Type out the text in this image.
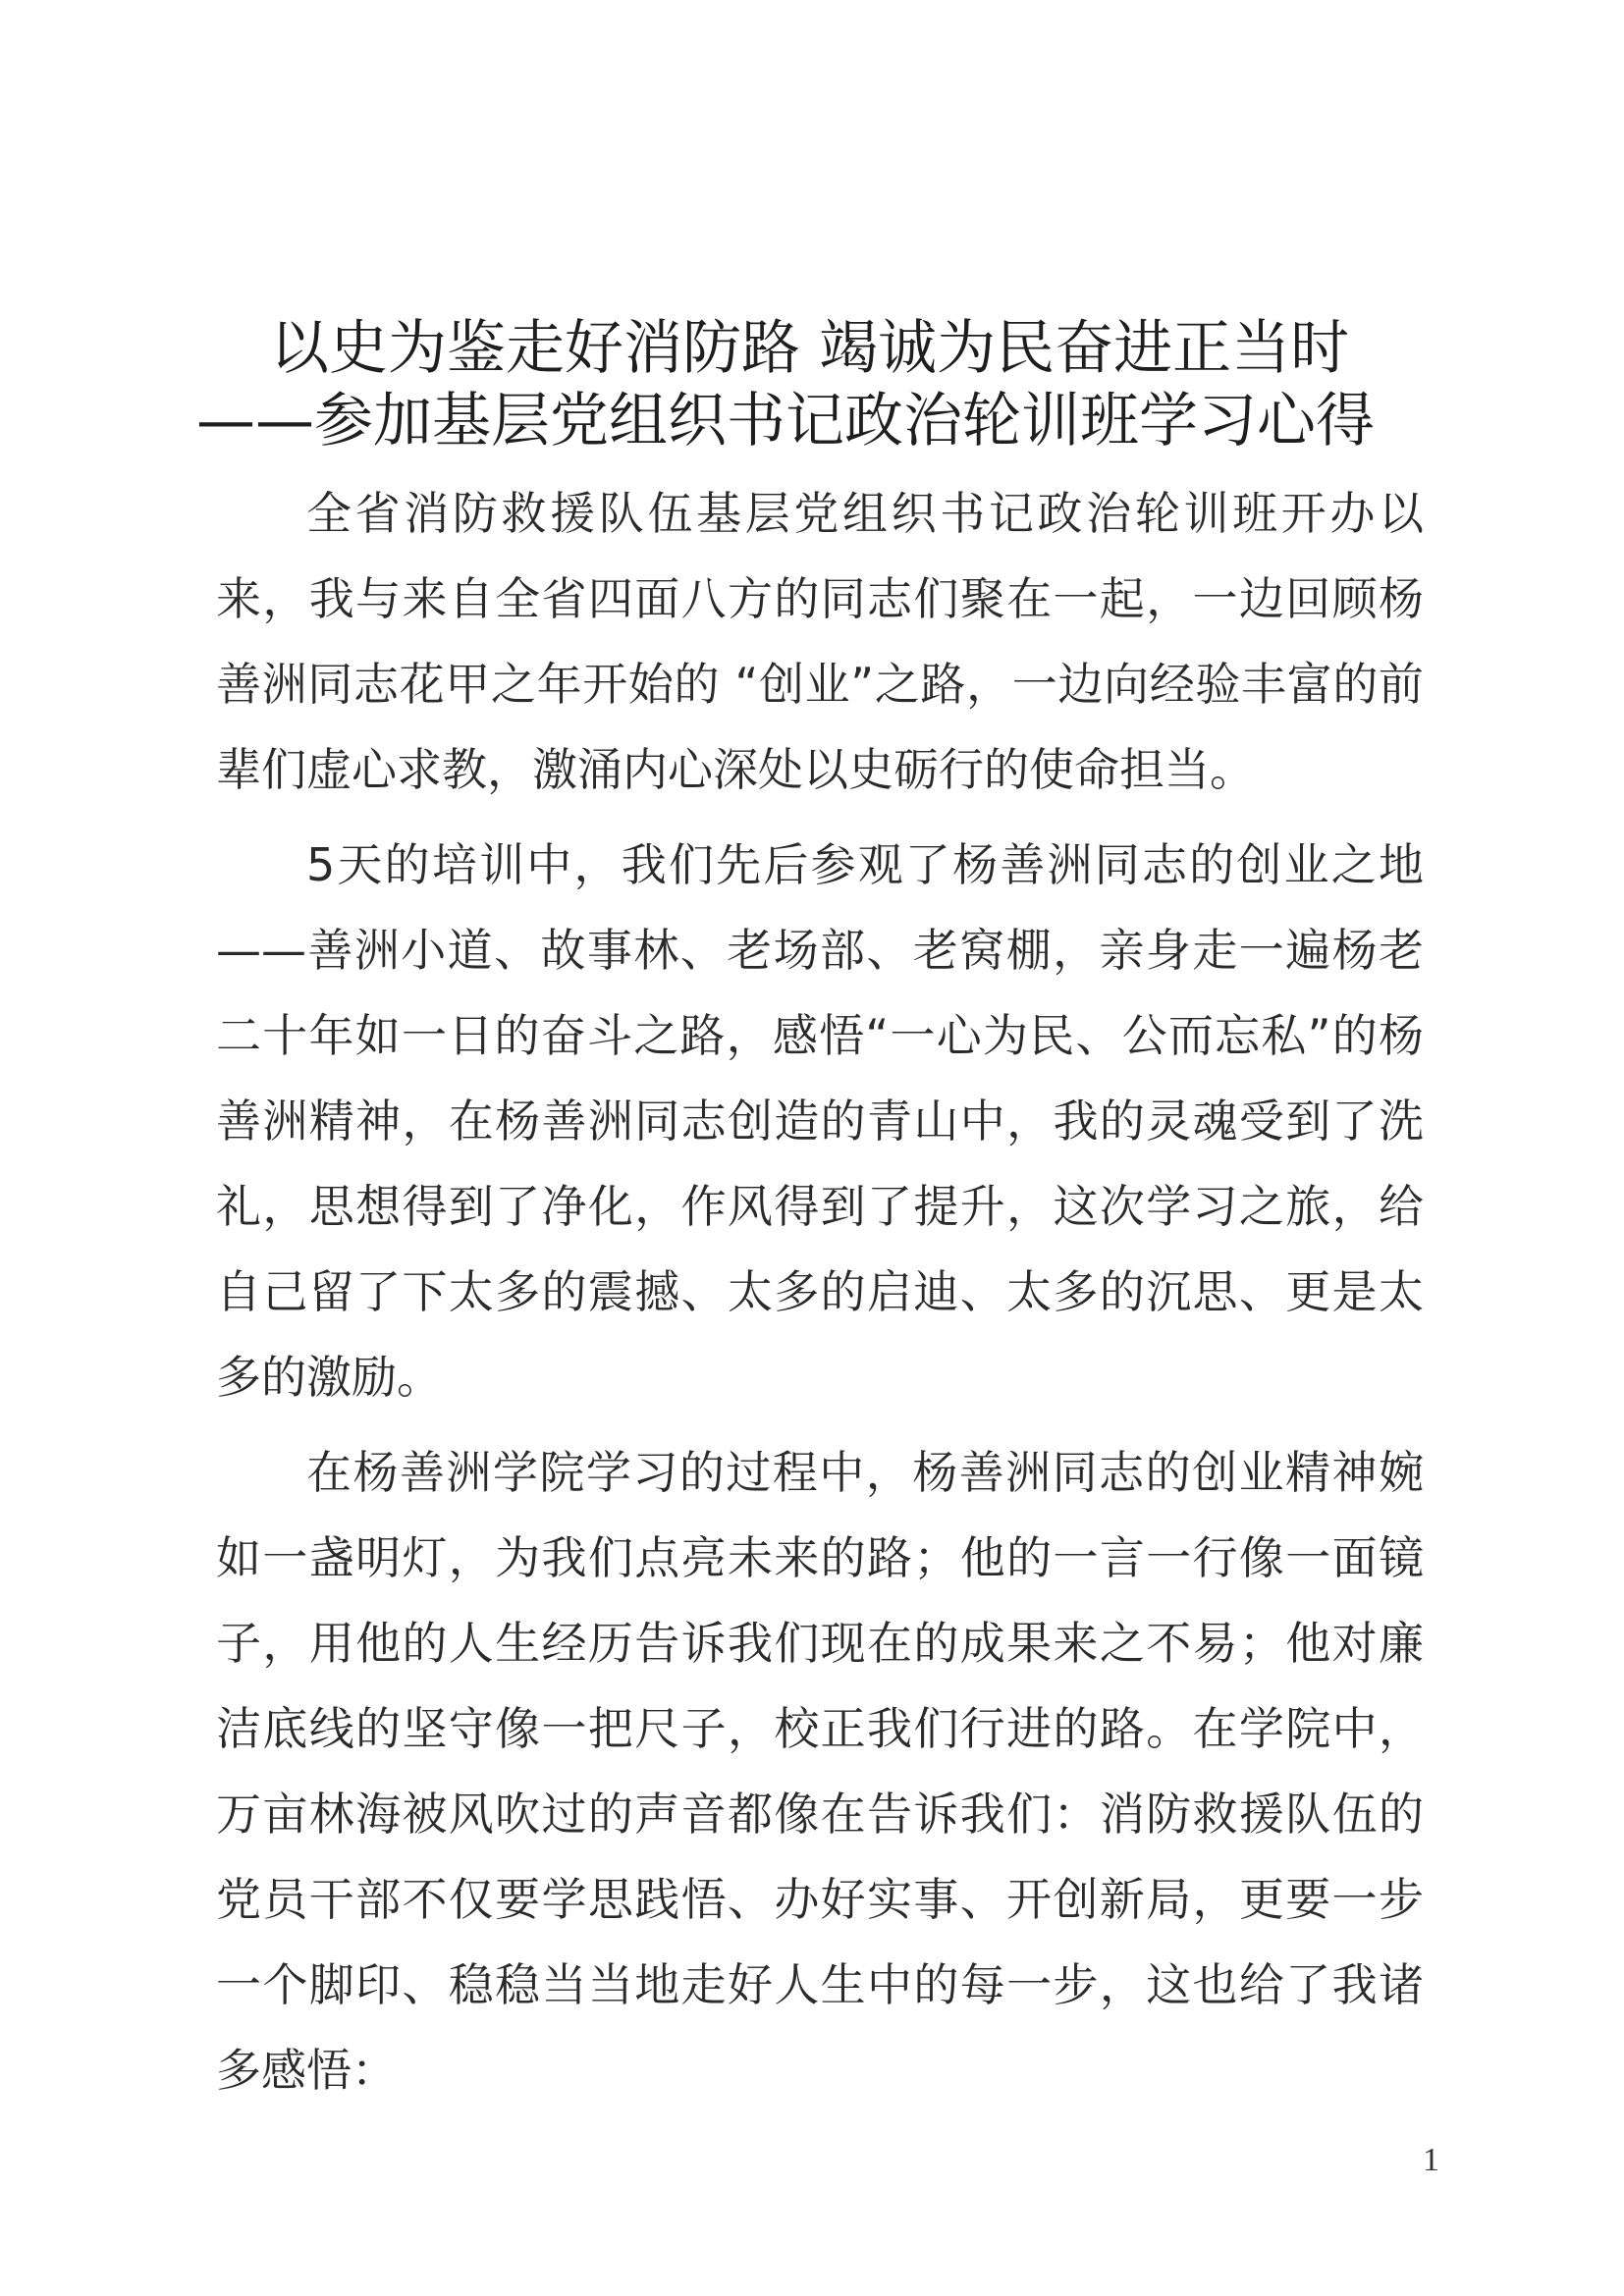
以史为鉴走好消防路 竭诚为民奋进正当时
——参加基层党组织书记政治轮训班学习心得

全省消防救援队伍基层党组织书记政治轮训班开办以来，我与来自全省四面八方的同志们聚在一起，一边回顾杨善洲同志花甲之年开始的 “创业”之路，一边向经验丰富的前辈们虚心求教，激涌内心深处以史砺行的使命担当。

5天的培训中，我们先后参观了杨善洲同志的创业之地——善洲小道、故事林、老场部、老窝棚，亲身走一遍杨老二十年如一日的奋斗之路，感悟“一心为民、公而忘私”的杨善洲精神，在杨善洲同志创造的青山中，我的灵魂受到了洗礼，思想得到了净化，作风得到了提升，这次学习之旅，给自己留了下太多的震撼、太多的启迪、太多的沉思、更是太多的激励。

在杨善洲学院学习的过程中，杨善洲同志的创业精神婉如一盏明灯，为我们点亮未来的路；他的一言一行像一面镜子，用他的人生经历告诉我们现在的成果来之不易；他对廉洁底线的坚守像一把尺子，校正我们行进的路。在学院中，万亩林海被风吹过的声音都像在告诉我们：消防救援队伍的党员干部不仅要学思践悟、办好实事、开创新局，更要一步一个脚印、稳稳当当地走好人生中的每一步，这也给了我诸多感悟：

1
